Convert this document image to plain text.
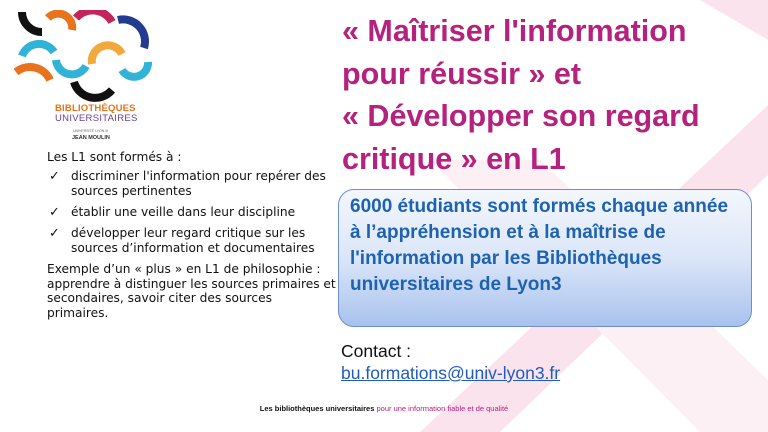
BIBLIOTHÈQUES
UNIVERSITAIRES
UNIVERSITÉ LYON III
JEAN MOULIN
« Maîtriser l'information
pour réussir » et
« Développer son regard
critique » en L1

Les L1 sont formés à :

✓ discriminer l'information pour repérer des sources pertinentes
✓ établir une veille dans leur discipline
✓ développer leur regard critique sur les sources d’information et documentaires

Exemple d’un « plus » en L1 de philosophie : apprendre à distinguer les sources primaires et secondaires, savoir citer des sources primaires.

6000 étudiants sont formés chaque année à l’appréhension et à la maîtrise de l'information par les Bibliothèques universitaires de Lyon3
Contact :
bu.formations@univ-lyon3.fr
Les bibliothèques universitaires pour une information fiable et de qualité
